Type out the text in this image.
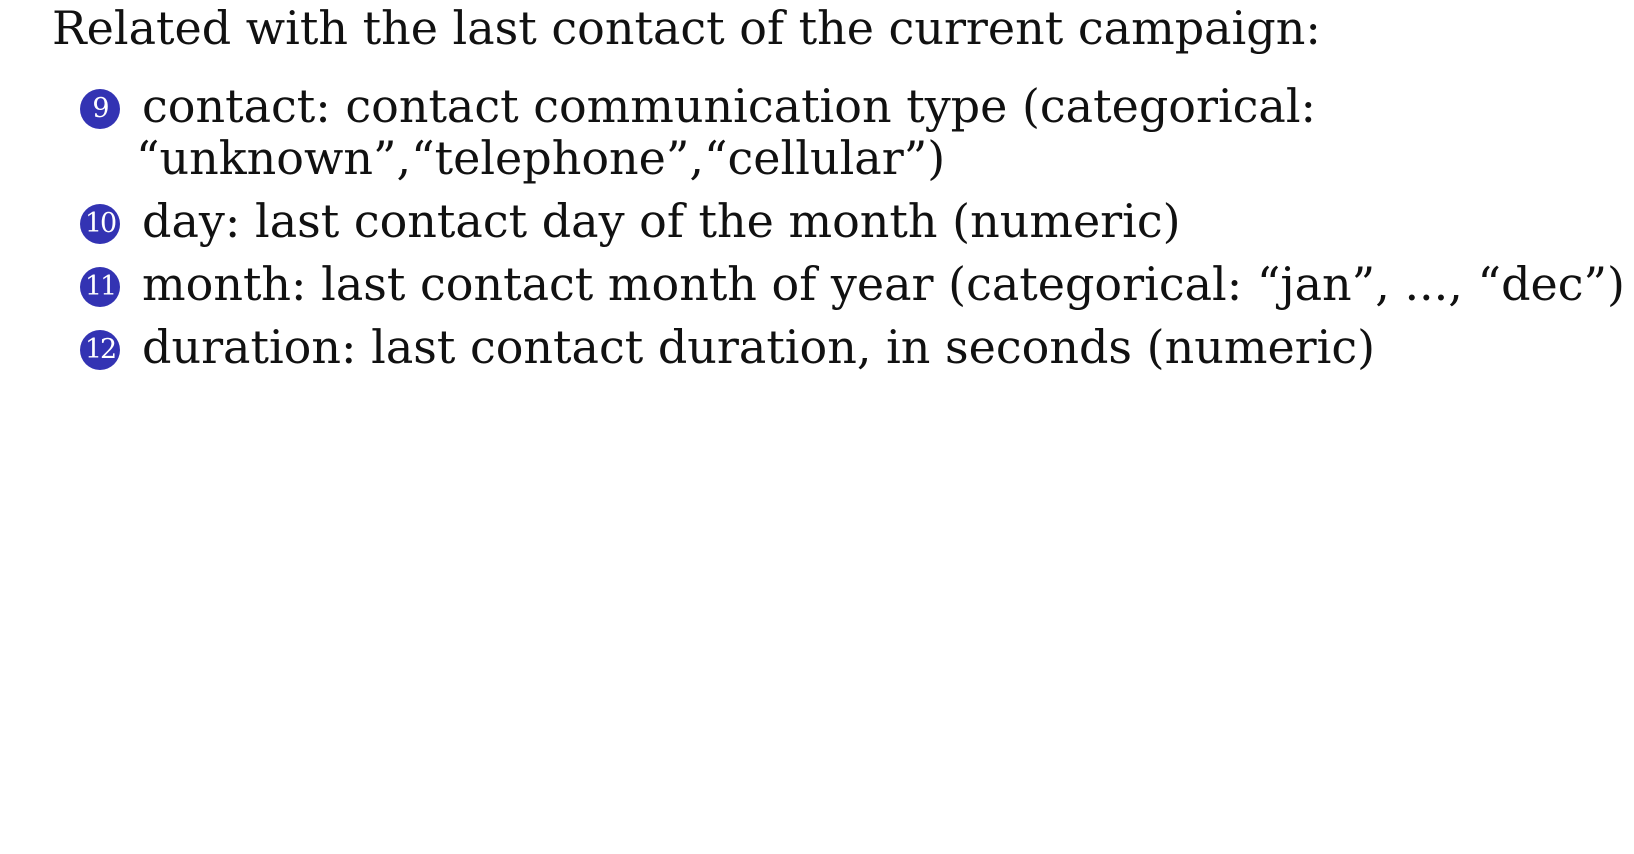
Related with the last contact of the current campaign:
9 contact: contact communication type (categorical:
“unknown”,“telephone”,“cellular”)
10 day: last contact day of the month (numeric)
11 month: last contact month of year (categorical: “jan”, ..., “dec”)
12 duration: last contact duration, in seconds (numeric)
